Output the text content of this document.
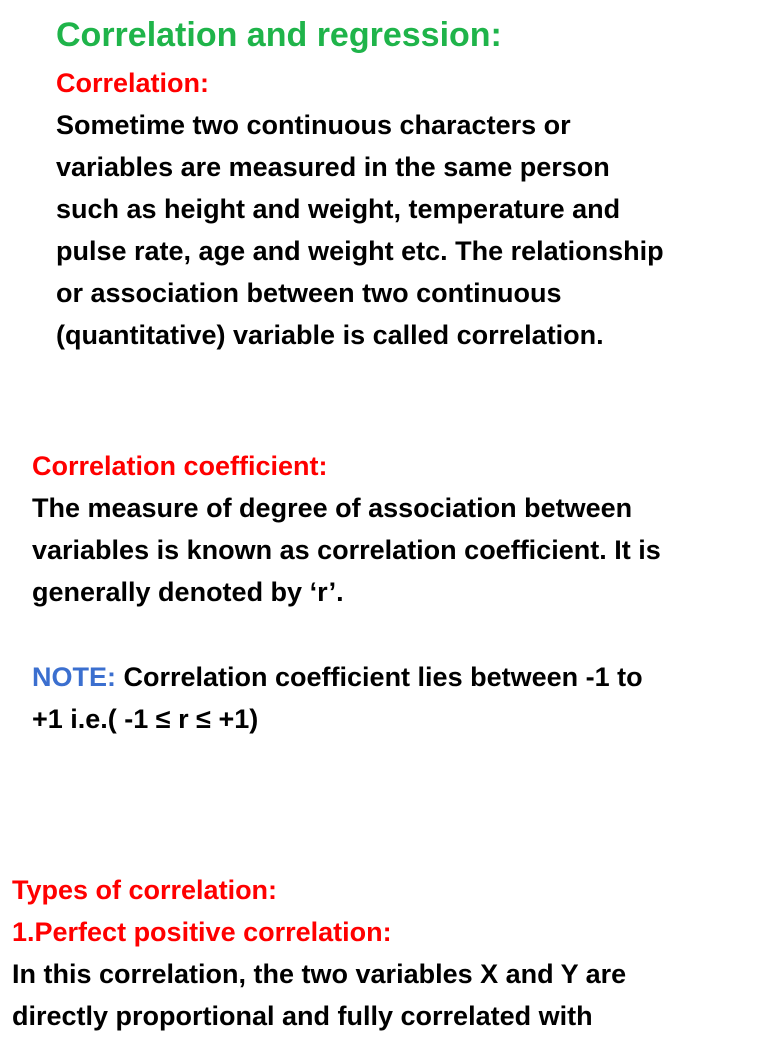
Correlation and regression:
Correlation:
Sometime two continuous characters or
variables are measured in the same person
such as height and weight, temperature and
pulse rate, age and weight etc. The relationship
or association between two continuous
(quantitative) variable is called correlation.
Correlation coefficient:
The measure of degree of association between
variables is known as correlation coefficient. It is
generally denoted by ‘r’.
NOTE: Correlation coefficient lies between -1 to
+1 i.e.( -1 ≤ r ≤ +1)
Types of correlation:
1.Perfect positive correlation:
In this correlation, the two variables X and Y are
directly proportional and fully correlated with
